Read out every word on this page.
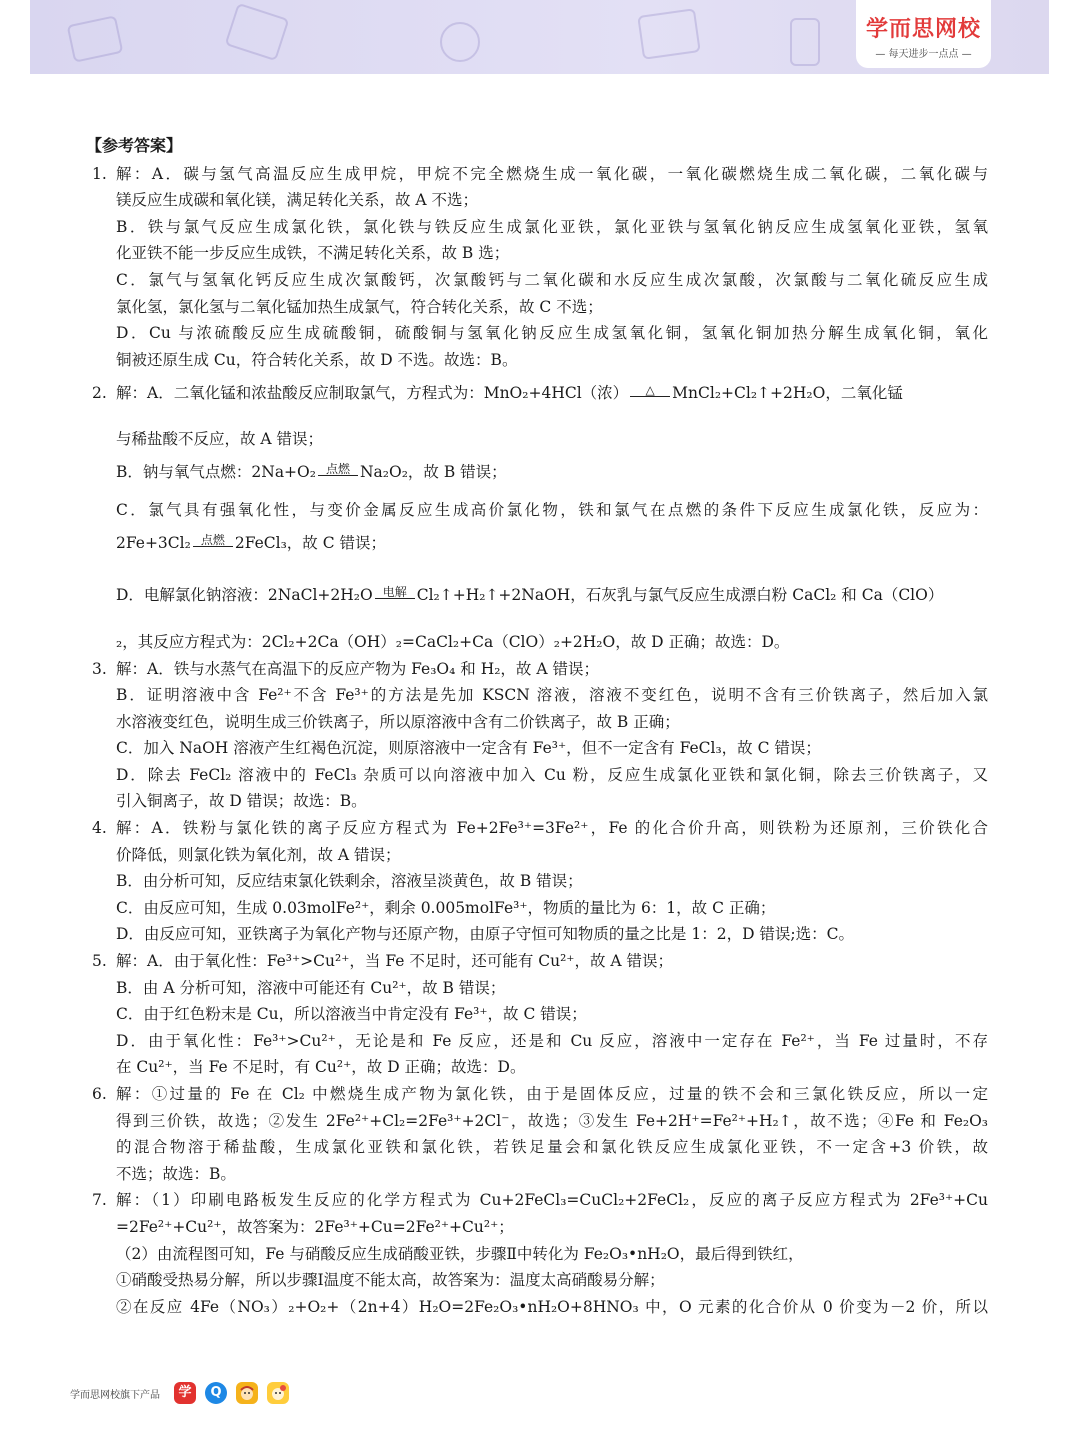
学而思网校
— 每天进步一点点 —
【参考答案】
1. 解：A．碳与氢气高温反应生成甲烷，甲烷不完全燃烧生成一氧化碳，一氧化碳燃烧生成二氧化碳，二氧化碳与
镁反应生成碳和氧化镁，满足转化关系，故 A 不选；
B．铁与氯气反应生成氯化铁，氯化铁与铁反应生成氯化亚铁，氯化亚铁与氢氧化钠反应生成氢氧化亚铁，氢氧
化亚铁不能一步反应生成铁，不满足转化关系，故 B 选；
C．氯气与氢氧化钙反应生成次氯酸钙，次氯酸钙与二氧化碳和水反应生成次氯酸，次氯酸与二氧化硫反应生成
氯化氢，氯化氢与二氧化锰加热生成氯气，符合转化关系，故 C 不选；
D．Cu 与浓硫酸反应生成硫酸铜，硫酸铜与氢氧化钠反应生成氢氧化铜，氢氧化铜加热分解生成氧化铜，氧化
铜被还原生成 Cu，符合转化关系，故 D 不选。故选：B。
2. 解：A．二氧化锰和浓盐酸反应制取氯气，方程式为：MnO₂+4HCl（浓） △ MnCl₂+Cl₂↑+2H₂O，二氧化锰
与稀盐酸不反应，故 A 错误；
B．钠与氧气点燃：2Na+O₂ 点燃 Na₂O₂，故 B 错误；
C．氯气具有强氧化性，与变价金属反应生成高价氯化物，铁和氯气在点燃的条件下反应生成氯化铁，反应为：
2Fe+3Cl₂ 点燃 2FeCl₃，故 C 错误；
D．电解氯化钠溶液：2NaCl+2H₂O 电解 Cl₂↑+H₂↑+2NaOH，石灰乳与氯气反应生成漂白粉 CaCl₂ 和 Ca（ClO）
₂，其反应方程式为：2Cl₂+2Ca（OH）₂=CaCl₂+Ca（ClO）₂+2H₂O，故 D 正确；故选：D。
3. 解：A．铁与水蒸气在高温下的反应产物为 Fe₃O₄ 和 H₂，故 A 错误；
B．证明溶液中含 Fe²⁺不含 Fe³⁺的方法是先加 KSCN 溶液，溶液不变红色，说明不含有三价铁离子，然后加入氯
水溶液变红色，说明生成三价铁离子，所以原溶液中含有二价铁离子，故 B 正确；
C．加入 NaOH 溶液产生红褐色沉淀，则原溶液中一定含有 Fe³⁺，但不一定含有 FeCl₃，故 C 错误；
D．除去 FeCl₂ 溶液中的 FeCl₃ 杂质可以向溶液中加入 Cu 粉，反应生成氯化亚铁和氯化铜，除去三价铁离子，又
引入铜离子，故 D 错误；故选：B。
4. 解：A．铁粉与氯化铁的离子反应方程式为 Fe+2Fe³⁺=3Fe²⁺，Fe 的化合价升高，则铁粉为还原剂，三价铁化合
价降低，则氯化铁为氧化剂，故 A 错误；
B．由分析可知，反应结束氯化铁剩余，溶液呈淡黄色，故 B 错误；
C．由反应可知，生成 0.03molFe²⁺，剩余 0.005molFe³⁺，物质的量比为 6：1，故 C 正确；
D．由反应可知，亚铁离子为氧化产物与还原产物，由原子守恒可知物质的量之比是 1：2，D 错误;选：C。
5. 解：A．由于氧化性：Fe³⁺>Cu²⁺，当 Fe 不足时，还可能有 Cu²⁺，故 A 错误；
B．由 A 分析可知，溶液中可能还有 Cu²⁺，故 B 错误；
C．由于红色粉末是 Cu，所以溶液当中肯定没有 Fe³⁺，故 C 错误；
D．由于氧化性：Fe³⁺>Cu²⁺，无论是和 Fe 反应，还是和 Cu 反应，溶液中一定存在 Fe²⁺，当 Fe 过量时，不存
在 Cu²⁺，当 Fe 不足时，有 Cu²⁺，故 D 正确；故选：D。
6. 解：①过量的 Fe 在 Cl₂ 中燃烧生成产物为氯化铁，由于是固体反应，过量的铁不会和三氯化铁反应，所以一定
得到三价铁，故选；②发生 2Fe²⁺+Cl₂=2Fe³⁺+2Cl⁻，故选；③发生 Fe+2H⁺=Fe²⁺+H₂↑，故不选；④Fe 和 Fe₂O₃
的混合物溶于稀盐酸，生成氯化亚铁和氯化铁，若铁足量会和氯化铁反应生成氯化亚铁，不一定含+3 价铁，故
不选；故选：B。
7. 解：（1）印刷电路板发生反应的化学方程式为 Cu+2FeCl₃=CuCl₂+2FeCl₂，反应的离子反应方程式为 2Fe³⁺+Cu
=2Fe²⁺+Cu²⁺，故答案为：2Fe³⁺+Cu=2Fe²⁺+Cu²⁺；
（2）由流程图可知，Fe 与硝酸反应生成硝酸亚铁，步骤Ⅱ中转化为 Fe₂O₃•nH₂O，最后得到铁红，
①硝酸受热易分解，所以步骤Ⅰ温度不能太高，故答案为：温度太高硝酸易分解；
②在反应 4Fe（NO₃）₂+O₂+（2n+4）H₂O=2Fe₂O₃•nH₂O+8HNO₃ 中，O 元素的化合价从 0 价变为－2 价，所以
学而思网校旗下产品	学	Q
